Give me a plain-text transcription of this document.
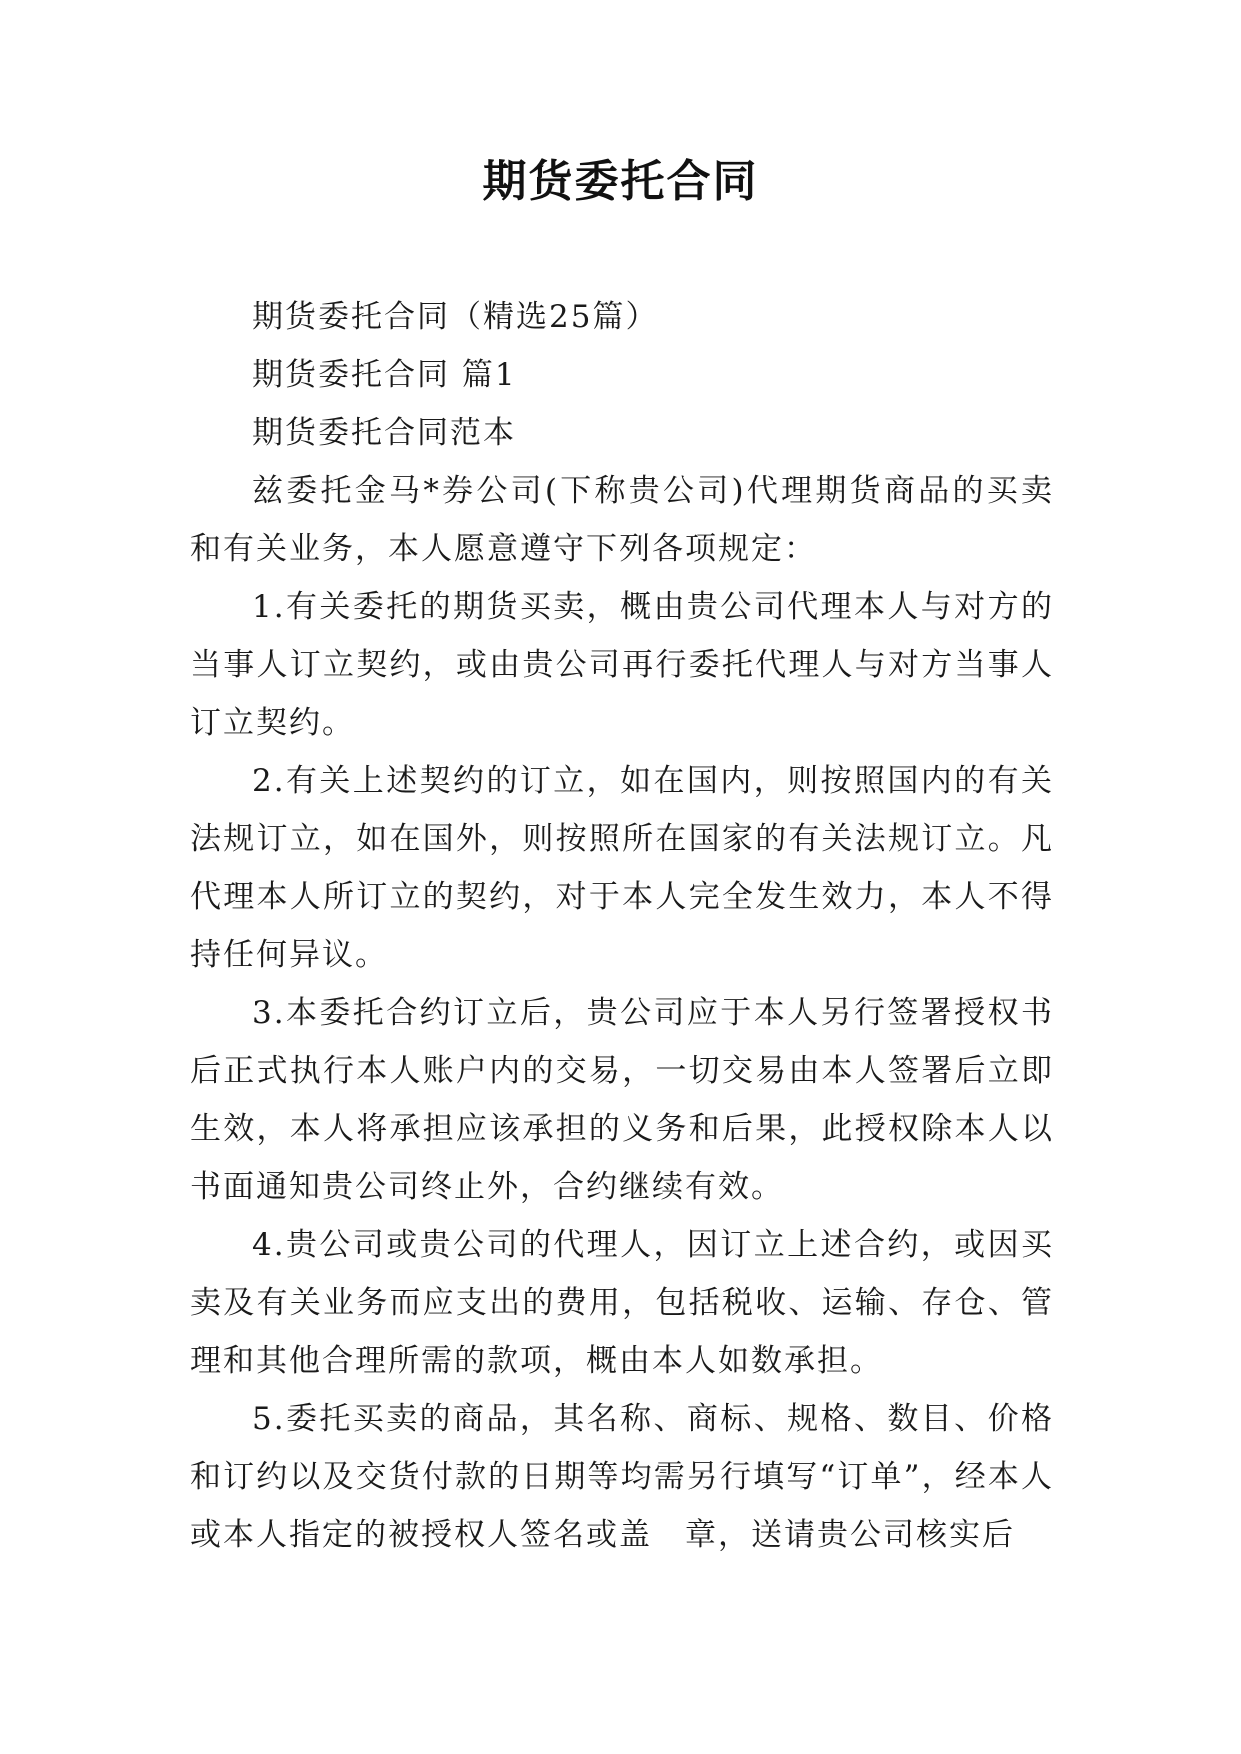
期货委托合同

期货委托合同（精选25篇）

期货委托合同 篇1

期货委托合同范本

兹委托金马*券公司(下称贵公司)代理期货商品的买卖和有关业务，本人愿意遵守下列各项规定：

1.有关委托的期货买卖，概由贵公司代理本人与对方的当事人订立契约，或由贵公司再行委托代理人与对方当事人订立契约。

2.有关上述契约的订立，如在国内，则按照国内的有关法规订立，如在国外，则按照所在国家的有关法规订立。凡代理本人所订立的契约，对于本人完全发生效力，本人不得持任何异议。

3.本委托合约订立后，贵公司应于本人另行签署授权书后正式执行本人账户内的交易，一切交易由本人签署后立即生效，本人将承担应该承担的义务和后果，此授权除本人以书面通知贵公司终止外，合约继续有效。

4.贵公司或贵公司的代理人，因订立上述合约，或因买卖及有关业务而应支出的费用，包括税收、运输、存仓、管理和其他合理所需的款项，概由本人如数承担。

5.委托买卖的商品，其名称、商标、规格、数目、价格和订约以及交货付款的日期等均需另行填写“订单”，经本人或本人指定的被授权人签名或盖　章，送请贵公司核实后
